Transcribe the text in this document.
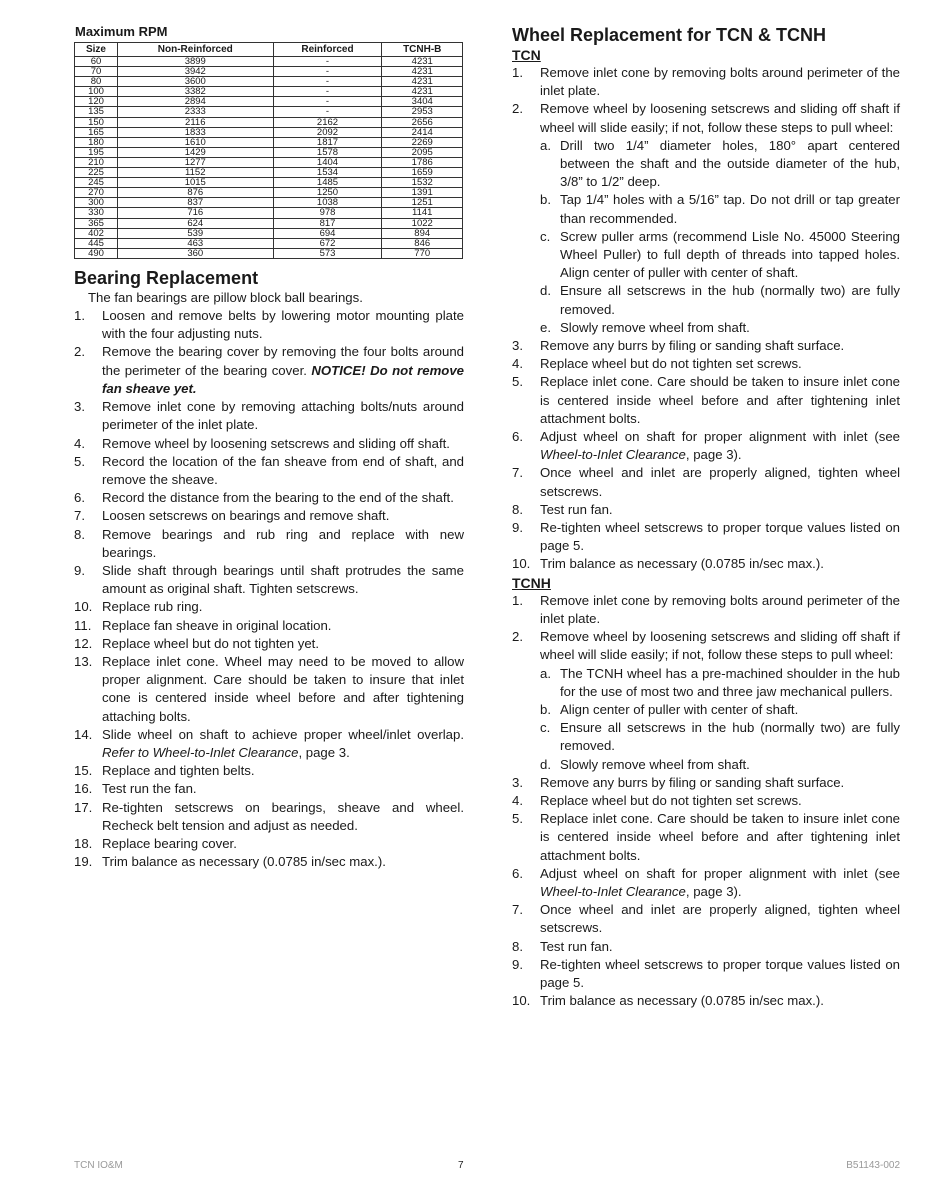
Maximum RPM
Size	Non-Reinforced	Reinforced	TCNH-B
60	3899	-	4231
70	3942	-	4231
80	3600	-	4231
100	3382	-	4231
120	2894	-	3404
135	2333	-	2953
150	2116	2162	2656
165	1833	2092	2414
180	1610	1817	2269
195	1429	1578	2095
210	1277	1404	1786
225	1152	1534	1659
245	1015	1485	1532
270	876	1250	1391
300	837	1038	1251
330	716	978	1141
365	624	817	1022
402	539	694	894
445	463	672	846
490	360	573	770
Bearing Replacement

The fan bearings are pillow block ball bearings.

1. Loosen and remove belts by lowering motor mounting plate with the four adjusting nuts.
2. Remove the bearing cover by removing the four bolts around the perimeter of the bearing cover. NOTICE! Do not remove fan sheave yet.
3. Remove inlet cone by removing attaching bolts/nuts around perimeter of the inlet plate.
4. Remove wheel by loosening setscrews and sliding off shaft.
5. Record the location of the fan sheave from end of shaft, and remove the sheave.
6. Record the distance from the bearing to the end of the shaft.
7. Loosen setscrews on bearings and remove shaft.
8. Remove bearings and rub ring and replace with new bearings.
9. Slide shaft through bearings until shaft protrudes the same amount as original shaft. Tighten setscrews.
10. Replace rub ring.
11. Replace fan sheave in original location.
12. Replace wheel but do not tighten yet.
13. Replace inlet cone. Wheel may need to be moved to allow proper alignment. Care should be taken to insure that inlet cone is centered inside wheel before and after tightening attaching bolts.
14. Slide wheel on shaft to achieve proper wheel/inlet overlap. Refer to Wheel-to-Inlet Clearance, page 3.
15. Replace and tighten belts.
16. Test run the fan.
17. Re-tighten setscrews on bearings, sheave and wheel. Recheck belt tension and adjust as needed.
18. Replace bearing cover.
19. Trim balance as necessary (0.0785 in/sec max.).
Wheel Replacement for TCN & TCNH
TCN
1. Remove inlet cone by removing bolts around perimeter of the inlet plate.
2. Remove wheel by loosening setscrews and sliding off shaft if wheel will slide easily; if not, follow these steps to pull wheel:
a. Drill two 1/4” diameter holes, 180° apart centered between the shaft and the outside diameter of the hub, 3/8” to 1/2” deep.
b. Tap 1/4” holes with a 5/16” tap. Do not drill or tap greater than recommended.
c. Screw puller arms (recommend Lisle No. 45000 Steering Wheel Puller) to full depth of threads into tapped holes. Align center of puller with center of shaft.
d. Ensure all setscrews in the hub (normally two) are fully removed.
e. Slowly remove wheel from shaft.
3. Remove any burrs by filing or sanding shaft surface.
4. Replace wheel but do not tighten set screws.
5. Replace inlet cone. Care should be taken to insure inlet cone is centered inside wheel before and after tightening inlet attachment bolts.
6. Adjust wheel on shaft for proper alignment with inlet (see Wheel-to-Inlet Clearance, page 3).
7. Once wheel and inlet are properly aligned, tighten wheel setscrews.
8. Test run fan.
9. Re-tighten wheel setscrews to proper torque values listed on page 5.
10. Trim balance as necessary (0.0785 in/sec max.).
TCNH
1. Remove inlet cone by removing bolts around perimeter of the inlet plate.
2. Remove wheel by loosening setscrews and sliding off shaft if wheel will slide easily; if not, follow these steps to pull wheel:
a. The TCNH wheel has a pre-machined shoulder in the hub for the use of most two and three jaw mechanical pullers.
b. Align center of puller with center of shaft.
c. Ensure all setscrews in the hub (normally two) are fully removed.
d. Slowly remove wheel from shaft.
3. Remove any burrs by filing or sanding shaft surface.
4. Replace wheel but do not tighten set screws.
5. Replace inlet cone. Care should be taken to insure inlet cone is centered inside wheel before and after tightening inlet attachment bolts.
6. Adjust wheel on shaft for proper alignment with inlet (see Wheel-to-Inlet Clearance, page 3).
7. Once wheel and inlet are properly aligned, tighten wheel setscrews.
8. Test run fan.
9. Re-tighten wheel setscrews to proper torque values listed on page 5.
10. Trim balance as necessary (0.0785 in/sec max.).
TCN IO&M	7	B51143-002
